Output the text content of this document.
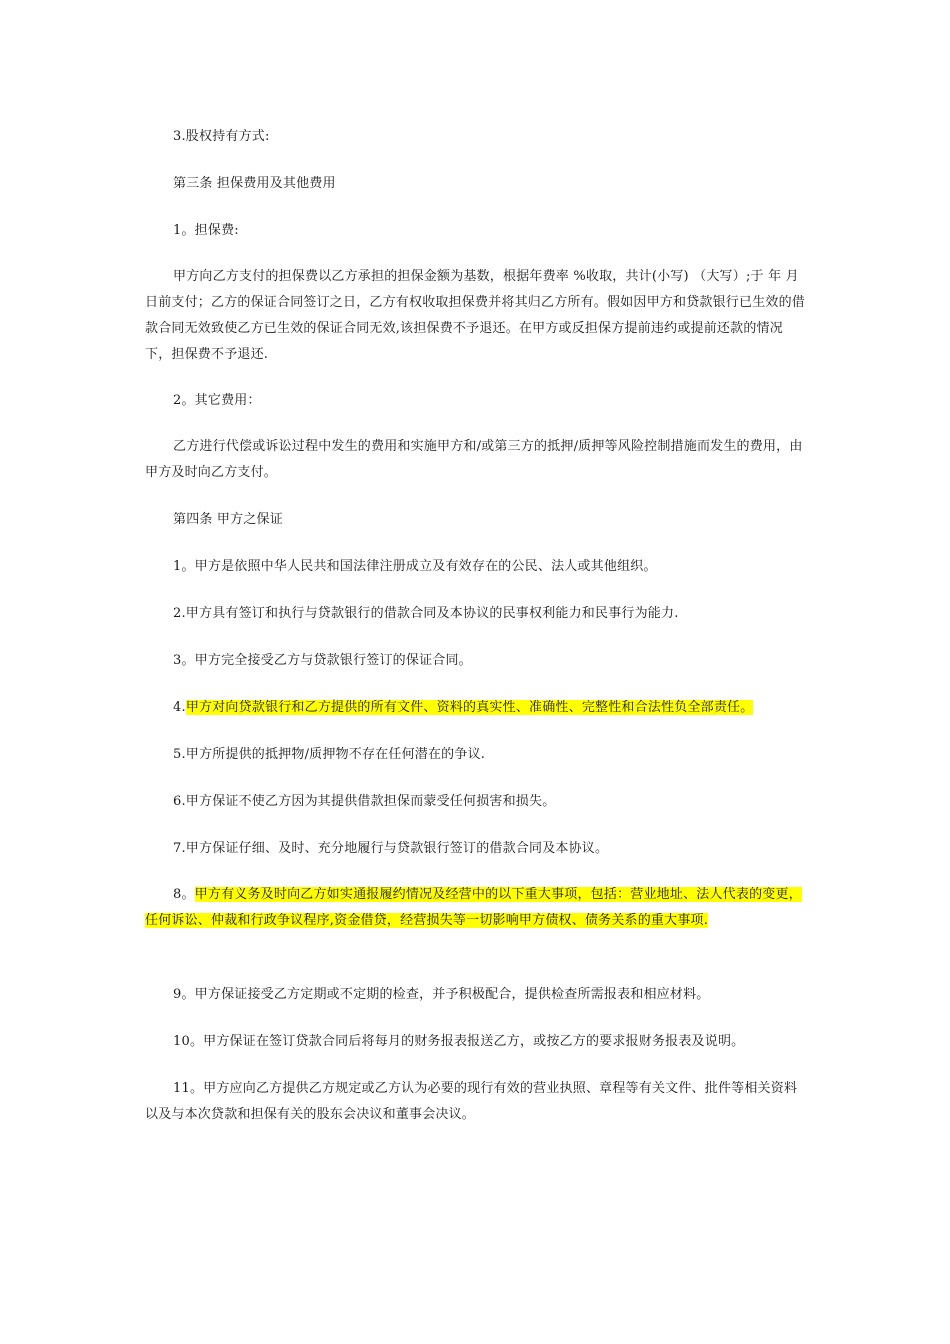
3.股权持有方式:
第三条 担保费用及其他费用
1。担保费:
甲方向乙方支付的担保费以乙方承担的担保金额为基数，根据年费率 %收取，共计(小写) （大写）;于 年 月 日前支付；乙方的保证合同签订之日，乙方有权收取担保费并将其归乙方所有。假如因甲方和贷款银行已生效的借款合同无效致使乙方已生效的保证合同无效,该担保费不予退还。在甲方或反担保方提前违约或提前还款的情况下，担保费不予退还.
2。其它费用：
乙方进行代偿或诉讼过程中发生的费用和实施甲方和/或第三方的抵押/质押等风险控制措施而发生的费用，由甲方及时向乙方支付。
第四条 甲方之保证
1。甲方是依照中华人民共和国法律注册成立及有效存在的公民、法人或其他组织。
2.甲方具有签订和执行与贷款银行的借款合同及本协议的民事权利能力和民事行为能力.
3。甲方完全接受乙方与贷款银行签订的保证合同。
4.甲方对向贷款银行和乙方提供的所有文件、资料的真实性、准确性、完整性和合法性负全部责任。
5.甲方所提供的抵押物/质押物不存在任何潜在的争议.
6.甲方保证不使乙方因为其提供借款担保而蒙受任何损害和损失。
7.甲方保证仔细、及时、充分地履行与贷款银行签订的借款合同及本协议。
8。甲方有义务及时向乙方如实通报履约情况及经营中的以下重大事项，包括：营业地址、法人代表的变更，任何诉讼、仲裁和行政争议程序,资金借贷，经营损失等一切影响甲方债权、债务关系的重大事项.
9。甲方保证接受乙方定期或不定期的检查，并予积极配合，提供检查所需报表和相应材料。
10。甲方保证在签订贷款合同后将每月的财务报表报送乙方，或按乙方的要求报财务报表及说明。
11。甲方应向乙方提供乙方规定或乙方认为必要的现行有效的营业执照、章程等有关文件、批件等相关资料以及与本次贷款和担保有关的股东会决议和董事会决议。
